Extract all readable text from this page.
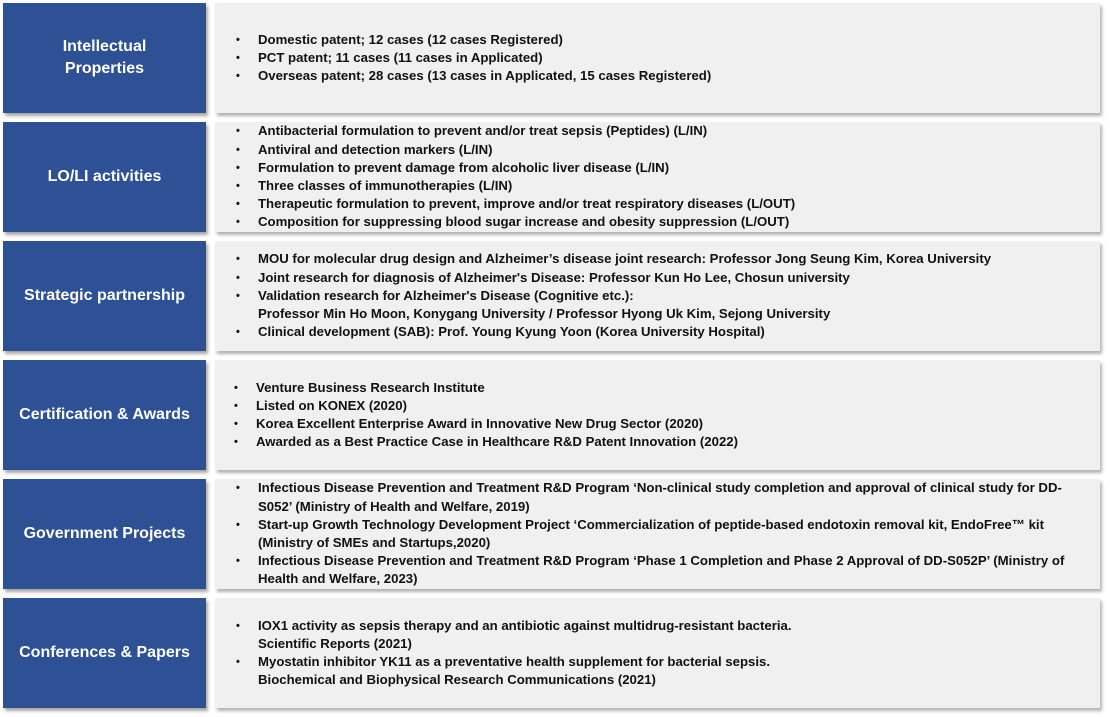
Intellectual Properties
• Domestic patent; 12 cases (12 cases Registered)
• PCT patent; 11 cases (11 cases in Applicated)
• Overseas patent; 28 cases (13 cases in Applicated, 15 cases Registered)
LO/LI activities
• Antibacterial formulation to prevent and/or treat sepsis (Peptides) (L/IN)
• Antiviral and detection markers (L/IN)
• Formulation to prevent damage from alcoholic liver disease (L/IN)
• Three classes of immunotherapies (L/IN)
• Therapeutic formulation to prevent, improve and/or treat respiratory diseases (L/OUT)
• Composition for suppressing blood sugar increase and obesity suppression (L/OUT)
Strategic partnership
• MOU for molecular drug design and Alzheimer’s disease joint research: Professor Jong Seung Kim, Korea University
• Joint research for diagnosis of Alzheimer's Disease: Professor Kun Ho Lee, Chosun university
• Validation research for Alzheimer's Disease (Cognitive etc.):
Professor Min Ho Moon, Konygang University / Professor Hyong Uk Kim, Sejong University
• Clinical development (SAB): Prof. Young Kyung Yoon (Korea University Hospital)
Certification & Awards
• Venture Business Research Institute
• Listed on KONEX (2020)
• Korea Excellent Enterprise Award in Innovative New Drug Sector (2020)
• Awarded as a Best Practice Case in Healthcare R&D Patent Innovation (2022)
Government Projects
• Infectious Disease Prevention and Treatment R&D Program ‘Non-clinical study completion and approval of clinical study for DD-
S052’ (Ministry of Health and Welfare, 2019)
• Start-up Growth Technology Development Project ‘Commercialization of peptide-based endotoxin removal kit, EndoFree™ kit
(Ministry of SMEs and Startups,2020)
• Infectious Disease Prevention and Treatment R&D Program ‘Phase 1 Completion and Phase 2 Approval of DD-S052P’ (Ministry of
Health and Welfare, 2023)
Conferences & Papers
• IOX1 activity as sepsis therapy and an antibiotic against multidrug-resistant bacteria.
Scientific Reports (2021)
• Myostatin inhibitor YK11 as a preventative health supplement for bacterial sepsis.
Biochemical and Biophysical Research Communications (2021)
